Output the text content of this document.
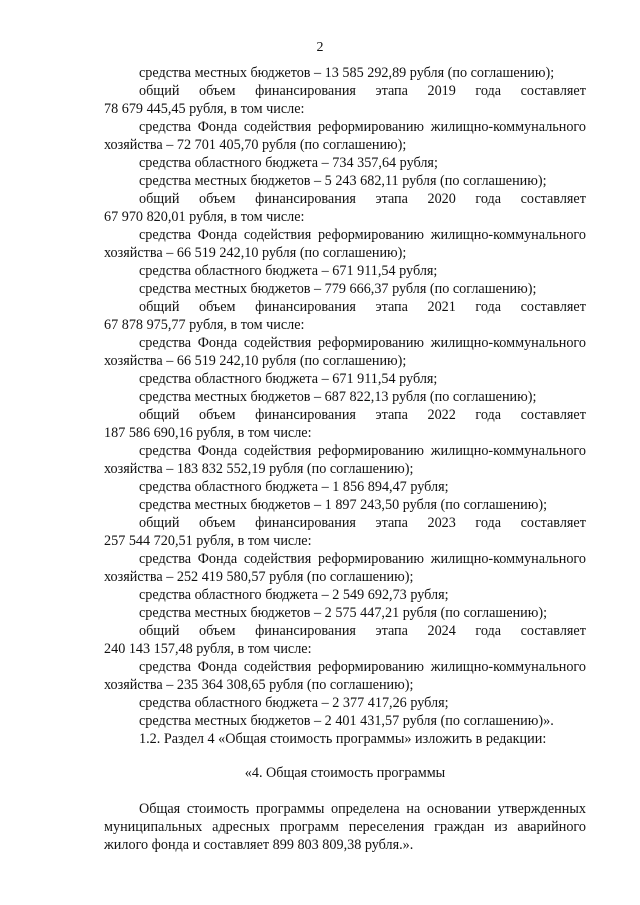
2

средства местных бюджетов – 13 585 292,89 рубля (по соглашению);

общий объем финансирования этапа 2019 года составляет

78 679 445,45 рубля, в том числе:

средства Фонда содействия реформированию жилищно-коммунального хозяйства – 72 701 405,70 рубля (по соглашению);

средства областного бюджета – 734 357,64 рубля;

средства местных бюджетов – 5 243 682,11 рубля (по соглашению);

общий объем финансирования этапа 2020 года составляет

67 970 820,01 рубля, в том числе:

средства Фонда содействия реформированию жилищно-коммунального хозяйства – 66 519 242,10 рубля (по соглашению);

средства областного бюджета – 671 911,54 рубля;

средства местных бюджетов – 779 666,37 рубля (по соглашению);

общий объем финансирования этапа 2021 года составляет

67 878 975,77 рубля, в том числе:

средства Фонда содействия реформированию жилищно-коммунального хозяйства – 66 519 242,10 рубля (по соглашению);

средства областного бюджета – 671 911,54 рубля;

средства местных бюджетов – 687 822,13 рубля (по соглашению);

общий объем финансирования этапа 2022 года составляет

187 586 690,16 рубля, в том числе:

средства Фонда содействия реформированию жилищно-коммунального хозяйства – 183 832 552,19 рубля (по соглашению);

средства областного бюджета – 1 856 894,47 рубля;

средства местных бюджетов – 1 897 243,50 рубля (по соглашению);

общий объем финансирования этапа 2023 года составляет

257 544 720,51 рубля, в том числе:

средства Фонда содействия реформированию жилищно-коммунального хозяйства – 252 419 580,57 рубля (по соглашению);

средства областного бюджета – 2 549 692,73 рубля;

средства местных бюджетов – 2 575 447,21 рубля (по соглашению);

общий объем финансирования этапа 2024 года составляет

240 143 157,48 рубля, в том числе:

средства Фонда содействия реформированию жилищно-коммунального хозяйства – 235 364 308,65 рубля (по соглашению);

средства областного бюджета – 2 377 417,26 рубля;

средства местных бюджетов – 2 401 431,57 рубля (по соглашению)».

1.2. Раздел 4 «Общая стоимость программы» изложить в редакции:

«4. Общая стоимость программы

Общая стоимость программы определена на основании утвержденных муниципальных адресных программ переселения граждан из аварийного жилого фонда и составляет 899 803 809,38 рубля.».
